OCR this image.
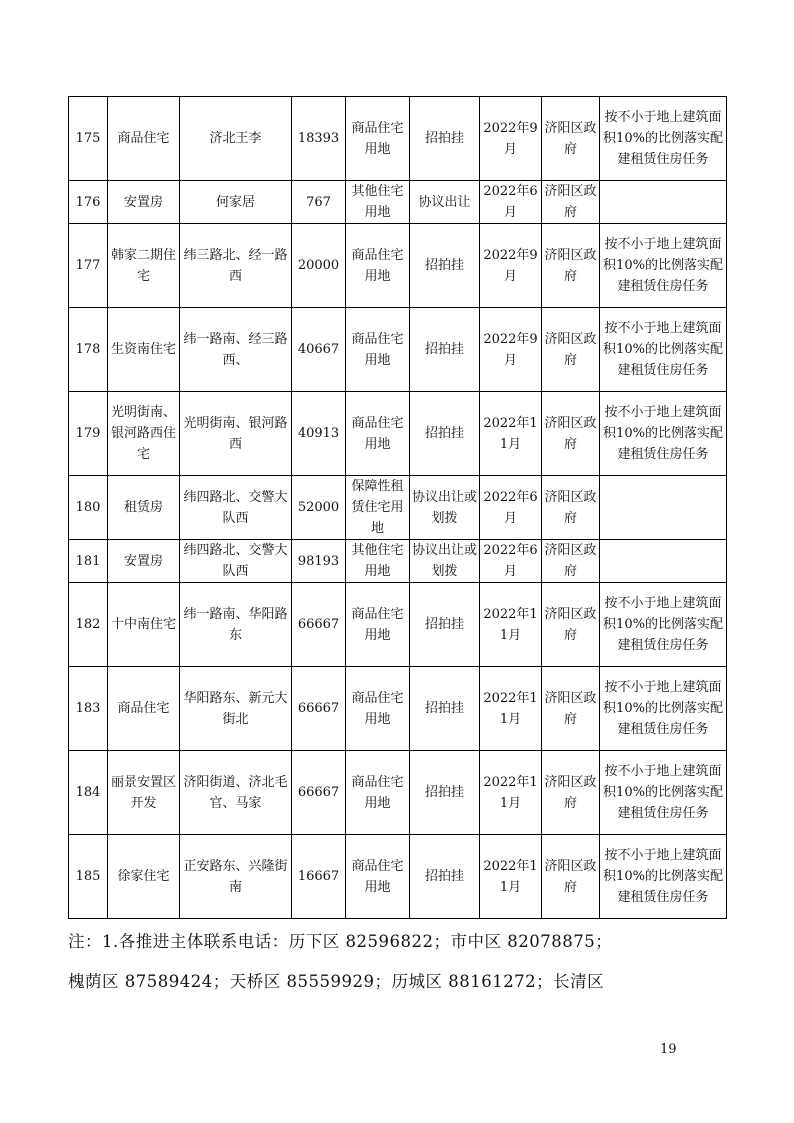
175	商品住宅	济北王李	18393	商品住宅用地	招拍挂	2022年9月	济阳区政府	按不小于地上建筑面积10%的比例落实配建租赁住房任务
176	安置房	何家居	767	其他住宅用地	协议出让	2022年6月	济阳区政府	
177	韩家二期住宅	纬三路北、经一路西	20000	商品住宅用地	招拍挂	2022年9月	济阳区政府	按不小于地上建筑面积10%的比例落实配建租赁住房任务
178	生资南住宅	纬一路南、经三路西、	40667	商品住宅用地	招拍挂	2022年9月	济阳区政府	按不小于地上建筑面积10%的比例落实配建租赁住房任务
179	光明街南、银河路西住宅	光明街南、银河路西	40913	商品住宅用地	招拍挂	2022年11月	济阳区政府	按不小于地上建筑面积10%的比例落实配建租赁住房任务
180	租赁房	纬四路北、交警大队西	52000	保障性租赁住宅用地	协议出让或划拨	2022年6月	济阳区政府	
181	安置房	纬四路北、交警大队西	98193	其他住宅用地	协议出让或划拨	2022年6月	济阳区政府	
182	十中南住宅	纬一路南、华阳路东	66667	商品住宅用地	招拍挂	2022年11月	济阳区政府	按不小于地上建筑面积10%的比例落实配建租赁住房任务
183	商品住宅	华阳路东、新元大街北	66667	商品住宅用地	招拍挂	2022年11月	济阳区政府	按不小于地上建筑面积10%的比例落实配建租赁住房任务
184	丽景安置区开发	济阳街道、济北毛官、马家	66667	商品住宅用地	招拍挂	2022年11月	济阳区政府	按不小于地上建筑面积10%的比例落实配建租赁住房任务
185	徐家住宅	正安路东、兴隆街南	16667	商品住宅用地	招拍挂	2022年11月	济阳区政府	按不小于地上建筑面积10%的比例落实配建租赁住房任务
注：1.各推进主体联系电话：历下区 82596822；市中区 82078875；
槐荫区 87589424；天桥区 85559929；历城区 88161272；长清区
19
